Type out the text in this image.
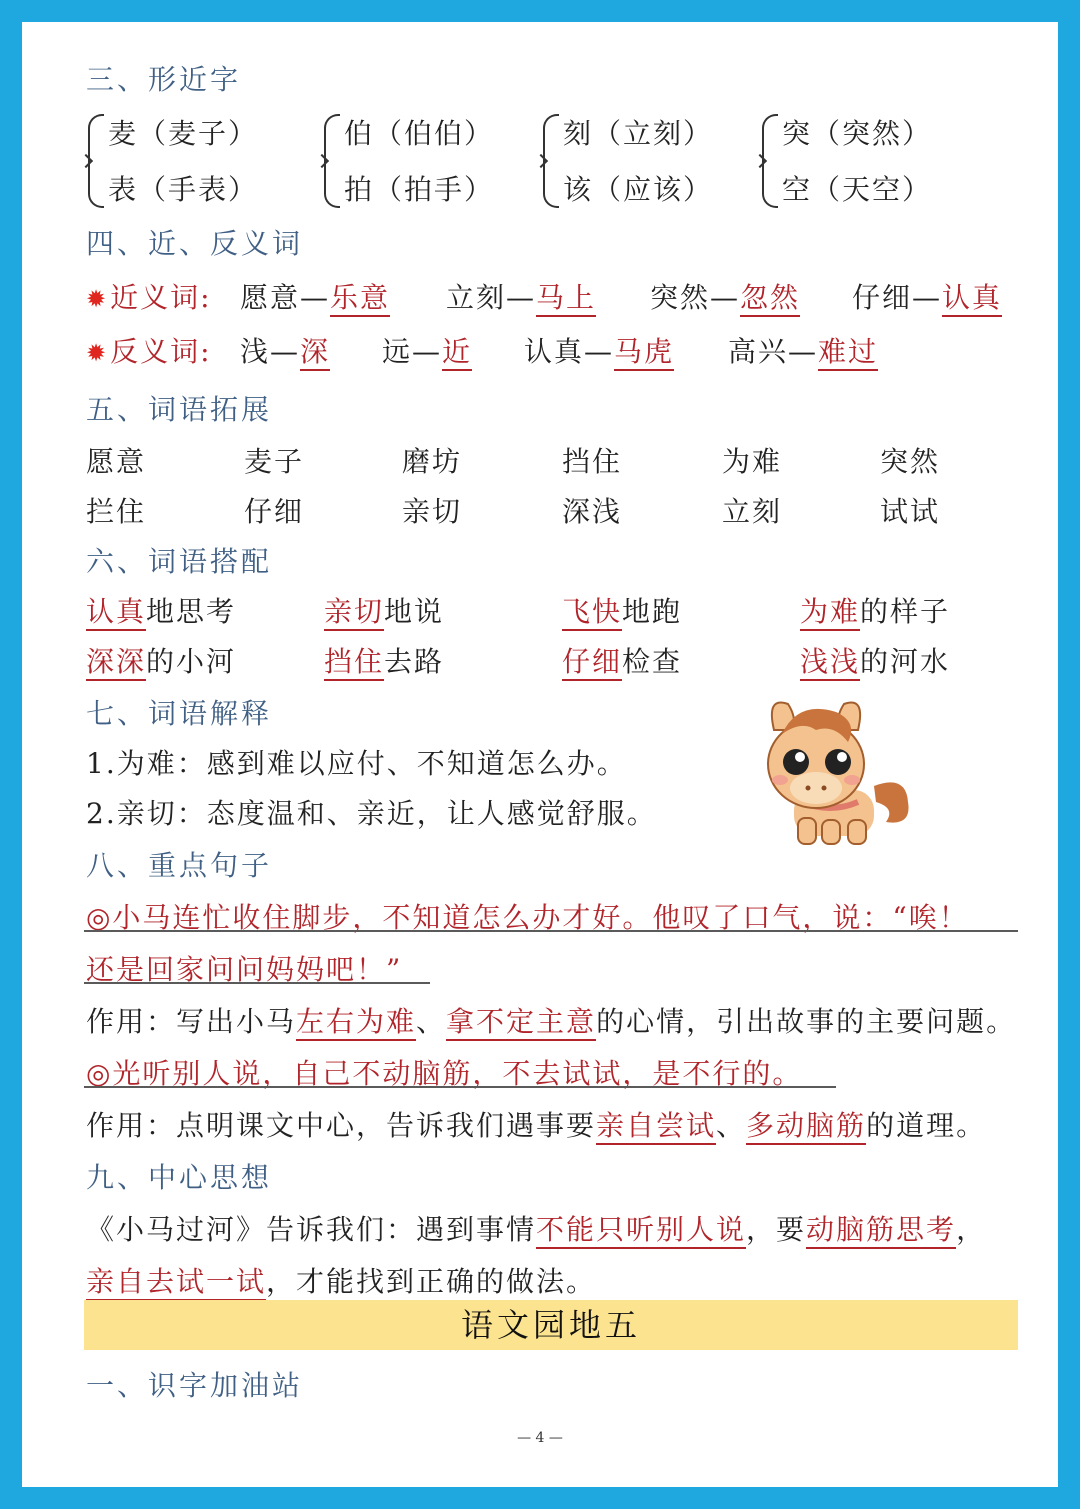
三、形近字
麦（麦子）
表（手表）
伯（伯伯）
拍（拍手）
刻（立刻）
该（应该）
突（突然）
空（天空）
四、近、反义词
✹近义词: 愿意—乐意 立刻—马上 突然—忽然 仔细—认真
✹反义词: 浅—深 远—近 认真—马虎 高兴—难过
五、词语拓展
愿意	麦子	磨坊	挡住	为难	突然
拦住	仔细	亲切	深浅	立刻	试试
六、词语搭配
认真地思考	亲切地说	飞快地跑	为难的样子
深深的小河	挡住去路	仔细检查	浅浅的河水
七、词语解释
1.为难：感到难以应付、不知道怎么办。
2.亲切：态度温和、亲近，让人感觉舒服。
八、重点句子
◎小马连忙收住脚步，不知道怎么办才好。他叹了口气，说：“唉！
还是回家问问妈妈吧！”
作用：写出小马左右为难、拿不定主意的心情，引出故事的主要问题。
◎光听别人说，自己不动脑筋，不去试试，是不行的。
作用：点明课文中心，告诉我们遇事要亲自尝试、多动脑筋的道理。
九、中心思想
《小马过河》告诉我们：遇到事情不能只听别人说，要动脑筋思考，
亲自去试一试，才能找到正确的做法。
语文园地五
一、识字加油站
— 4 —
